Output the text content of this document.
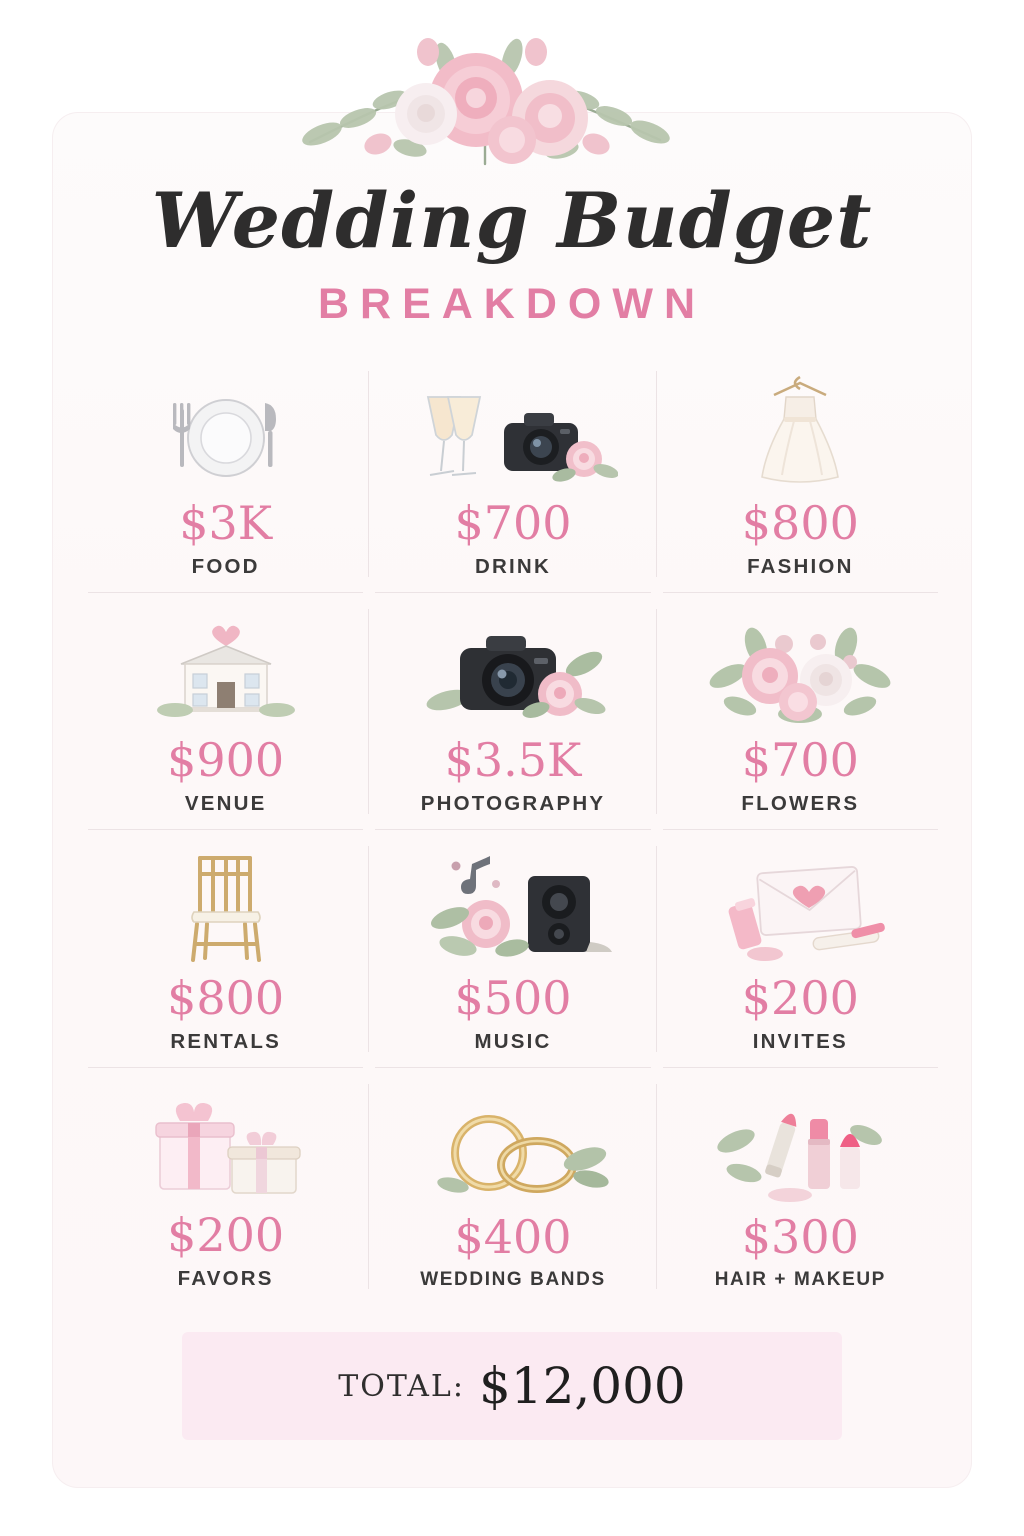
Wedding Budget
BREAKDOWN
$3K
FOOD
$700
DRINK
$800
FASHION
$900
VENUE
$3.5K
PHOTOGRAPHY
$700
FLOWERS
$800
RENTALS
$500
MUSIC
$200
INVITES
$200
FAVORS
$400
WEDDING BANDS
$300
HAIR + MAKEUP
TOTAL: $12,000
